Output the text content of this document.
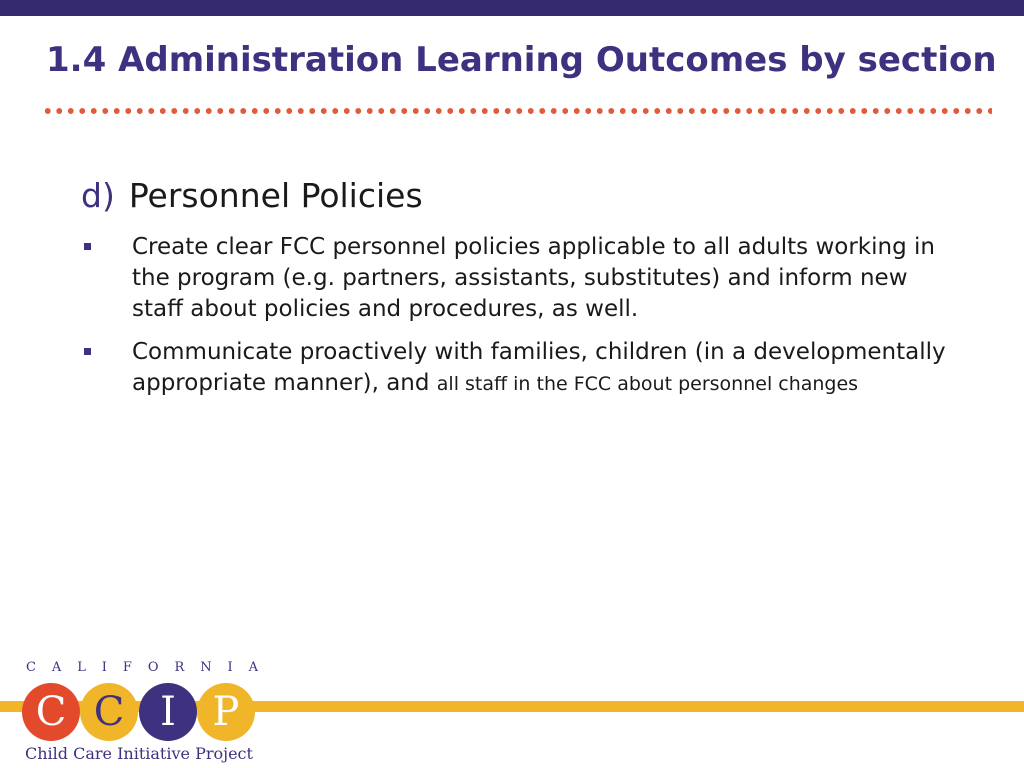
1.4 Administration Learning Outcomes by section
d) Personnel Policies
Create clear FCC personnel policies applicable to all adults working in the program (e.g. partners, assistants, substitutes) and inform new staff about policies and procedures, as well.
Communicate proactively with families, children (in a developmentally appropriate manner), and all staff in the FCC about personnel changes
C A L I F O R N I A
C C I P
Child Care Initiative Project
